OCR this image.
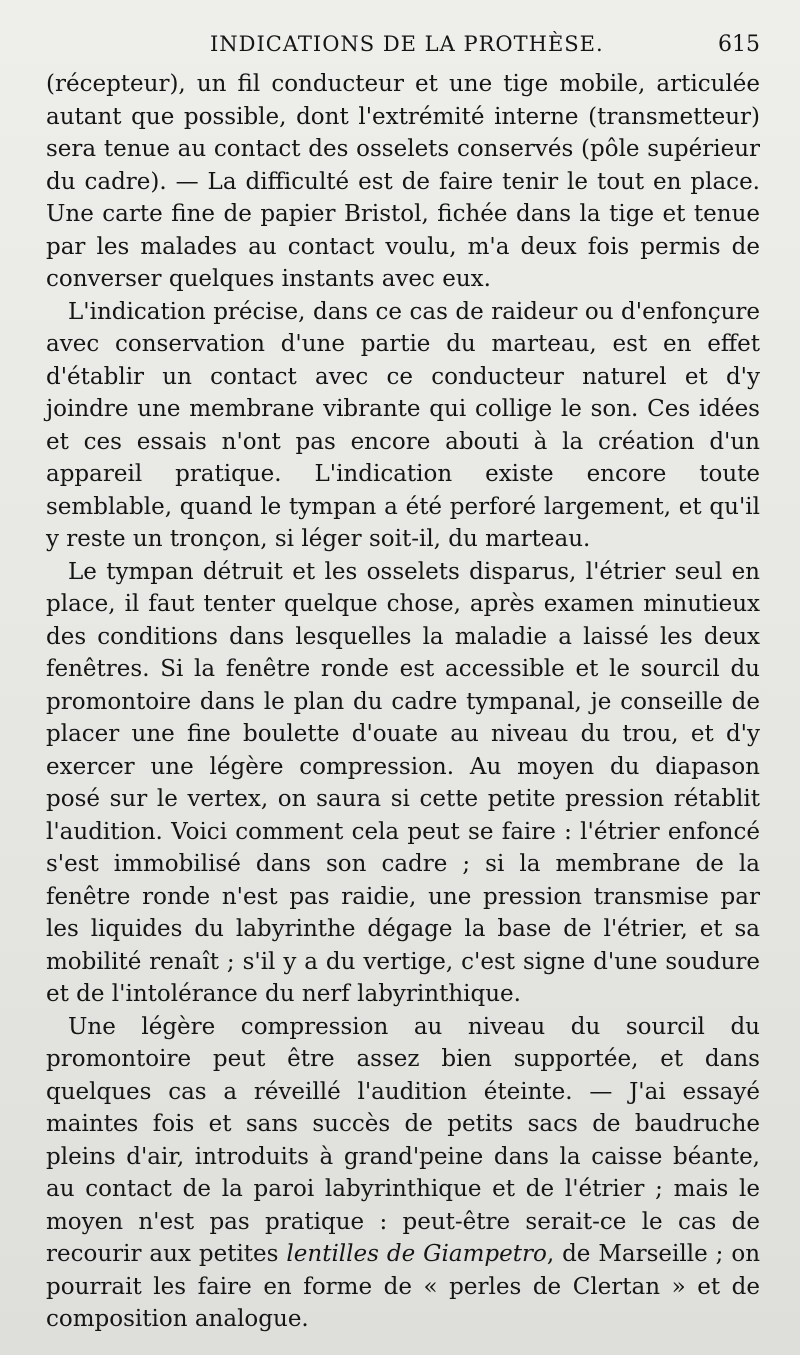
INDICATIONS DE LA PROTHÈSE.	615

(récepteur), un fil conducteur et une tige mobile, articulée autant que possible, dont l'extrémité interne (transmetteur) sera tenue au contact des osselets conservés (pôle supérieur du cadre). — La difficulté est de faire tenir le tout en place. Une carte fine de papier Bristol, fichée dans la tige et tenue par les malades au contact voulu, m'a deux fois permis de converser quelques instants avec eux.

L'indication précise, dans ce cas de raideur ou d'enfonçure avec conservation d'une partie du marteau, est en effet d'établir un contact avec ce conducteur naturel et d'y joindre une membrane vibrante qui collige le son. Ces idées et ces essais n'ont pas encore abouti à la création d'un appareil pratique. L'indication existe encore toute semblable, quand le tympan a été perforé largement, et qu'il y reste un tronçon, si léger soit-il, du marteau.

Le tympan détruit et les osselets disparus, l'étrier seul en place, il faut tenter quelque chose, après examen minutieux des conditions dans lesquelles la maladie a laissé les deux fenêtres. Si la fenêtre ronde est accessible et le sourcil du promontoire dans le plan du cadre tympanal, je conseille de placer une fine boulette d'ouate au niveau du trou, et d'y exercer une légère compression. Au moyen du diapason posé sur le vertex, on saura si cette petite pression rétablit l'audition. Voici comment cela peut se faire : l'étrier enfoncé s'est immobilisé dans son cadre ; si la membrane de la fenêtre ronde n'est pas raidie, une pression transmise par les liquides du labyrinthe dégage la base de l'étrier, et sa mobilité renaît ; s'il y a du vertige, c'est signe d'une soudure et de l'intolérance du nerf labyrinthique.

Une légère compression au niveau du sourcil du promontoire peut être assez bien supportée, et dans quelques cas a réveillé l'audition éteinte. — J'ai essayé maintes fois et sans succès de petits sacs de baudruche pleins d'air, introduits à grand'peine dans la caisse béante, au contact de la paroi labyrinthique et de l'étrier ; mais le moyen n'est pas pratique : peut-être serait-ce le cas de recourir aux petites lentilles de Giampetro, de Marseille ; on pourrait les faire en forme de « perles de Clertan » et de composition analogue.
